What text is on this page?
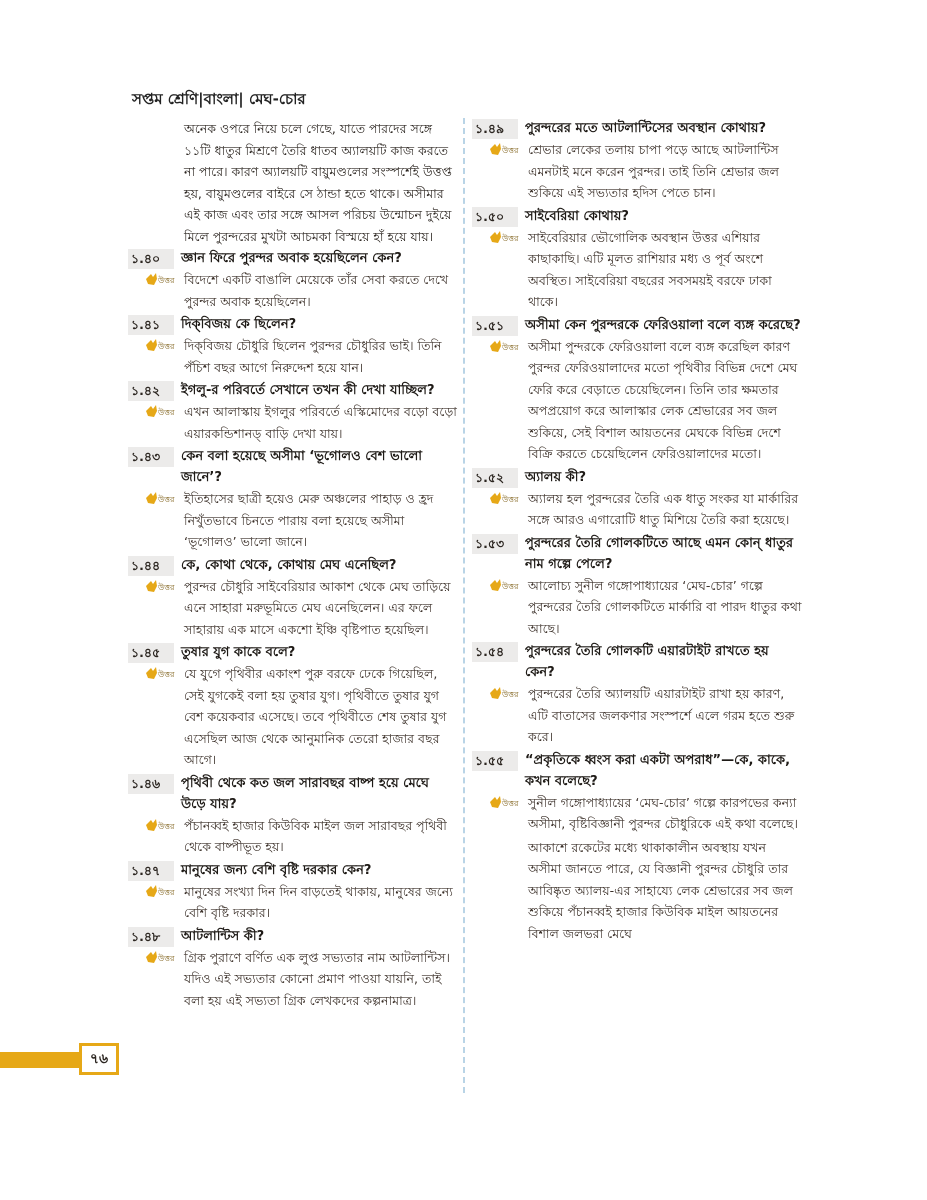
সপ্তম শ্রেণি|বাংলা| মেঘ-চোর
অনেক ওপরে নিয়ে চলে গেছে, যাতে পারদের সঙ্গে ১১টি ধাতুর মিশ্রণে তৈরি ধাতব অ্যালয়টি কাজ করতে না পারে। কারণ অ্যালয়টি বায়ুমণ্ডলের সংস্পর্শেই উত্তপ্ত হয়, বায়ুমণ্ডলের বাইরে সে ঠান্ডা হতে থাকে। অসীমার এই কাজ এবং তার সঙ্গে আসল পরিচয় উন্মোচন দুইয়ে মিলে পুরন্দরের মুখটা আচমকা বিস্ময়ে হাঁ হয়ে যায়।
১.৪০	জ্ঞান ফিরে পুরন্দর অবাক হয়েছিলেন কেন?
উত্তর বিদেশে একটি বাঙালি মেয়েকে তাঁর সেবা করতে দেখে পুরন্দর অবাক হয়েছিলেন।
১.৪১	দিক্‌বিজয় কে ছিলেন?
উত্তর দিক্‌বিজয় চৌধুরি ছিলেন পুরন্দর চৌধুরির ভাই। তিনি পঁচিশ বছর আগে নিরুদ্দেশ হয়ে যান।
১.৪২	ইগলু-র পরিবর্তে সেখানে তখন কী দেখা যাচ্ছিল?
উত্তর এখন আলাস্কায় ইগলুর পরিবর্তে এস্কিমোদের বড়ো বড়ো এয়ারকন্ডিশানড্ বাড়ি দেখা যায়।
১.৪৩	কেন বলা হয়েছে অসীমা ‘ভূগোলও বেশ ভালো জানে’?
উত্তর ইতিহাসের ছাত্রী হয়েও মেরু অঞ্চলের পাহাড় ও হ্রদ নিখুঁতভাবে চিনতে পারায় বলা হয়েছে অসীমা ‘ভূগোলও’ ভালো জানে।
১.৪৪	কে, কোথা থেকে, কোথায় মেঘ এনেছিল?
উত্তর পুরন্দর চৌধুরি সাইবেরিয়ার আকাশ থেকে মেঘ তাড়িয়ে এনে সাহারা মরুভূমিতে মেঘ এনেছিলেন। এর ফলে সাহারায় এক মাসে একশো ইঞ্চি বৃষ্টিপাত হয়েছিল।
১.৪৫	তুষার যুগ কাকে বলে?
উত্তর যে যুগে পৃথিবীর একাংশ পুরু বরফে ঢেকে গিয়েছিল, সেই যুগকেই বলা হয় তুষার যুগ। পৃথিবীতে তুষার যুগ বেশ কয়েকবার এসেছে। তবে পৃথিবীতে শেষ তুষার যুগ এসেছিল আজ থেকে আনুমানিক তেরো হাজার বছর আগে।
১.৪৬	পৃথিবী থেকে কত জল সারাবছর বাষ্প হয়ে মেঘে উড়ে যায়?
উত্তর পঁচানব্বই হাজার কিউবিক মাইল জল সারাবছর পৃথিবী থেকে বাষ্পীভূত হয়।
১.৪৭	মানুষের জন্য বেশি বৃষ্টি দরকার কেন?
উত্তর মানুষের সংখ্যা দিন দিন বাড়তেই থাকায়, মানুষের জন্যে বেশি বৃষ্টি দরকার।
১.৪৮	আটলান্টিস কী?
উত্তর গ্রিক পুরাণে বর্ণিত এক লুপ্ত সভ্যতার নাম আটলান্টিস। যদিও এই সভ্যতার কোনো প্রমাণ পাওয়া যায়নি, তাই বলা হয় এই সভ্যতা গ্রিক লেখকদের কল্পনামাত্র।
১.৪৯	পুরন্দরের মতে আটলান্টিসের অবস্থান কোথায়?
উত্তর শ্রেভার লেকের তলায় চাপা পড়ে আছে আটলান্টিস এমনটাই মনে করেন পুরন্দর। তাই তিনি শ্রেভার জল শুকিয়ে এই সভ্যতার হদিস পেতে চান।
১.৫০	সাইবেরিয়া কোথায়?
উত্তর সাইবেরিয়ার ভৌগোলিক অবস্থান উত্তর এশিয়ার কাছাকাছি। এটি মূলত রাশিয়ার মধ্য ও পূর্ব অংশে অবস্থিত। সাইবেরিয়া বছরের সবসময়ই বরফে ঢাকা থাকে।
১.৫১	অসীমা কেন পুরন্দরকে ফেরিওয়ালা বলে ব্যঙ্গ করেছে?
উত্তর অসীমা পুন্দরকে ফেরিওয়ালা বলে ব্যঙ্গ করেছিল কারণ পুরন্দর ফেরিওয়ালাদের মতো পৃথিবীর বিভিন্ন দেশে মেঘ ফেরি করে বেড়াতে চেয়েছিলেন। তিনি তার ক্ষমতার অপপ্রয়োগ করে আলাস্কার লেক শ্রেভারের সব জল শুকিয়ে, সেই বিশাল আয়তনের মেঘকে বিভিন্ন দেশে বিক্রি করতে চেয়েছিলেন ফেরিওয়ালাদের মতো।
১.৫২	অ্যালয় কী?
উত্তর অ্যালয় হল পুরন্দরের তৈরি এক ধাতু সংকর যা মার্কারির সঙ্গে আরও এগারোটি ধাতু মিশিয়ে তৈরি করা হয়েছে।
১.৫৩	পুরন্দরের তৈরি গোলকটিতে আছে এমন কোন্ ধাতুর নাম গল্পে পেলে?
উত্তর আলোচ্য সুনীল গঙ্গোপাধ্যায়ের ‘মেঘ-চোর’ গল্পে পুরন্দরের তৈরি গোলকটিতে মার্কারি বা পারদ ধাতুর কথা আছে।
১.৫৪	পুরন্দরের তৈরি গোলকটি এয়ারটাইট রাখতে হয় কেন?
উত্তর পুরন্দরের তৈরি অ্যালয়টি এয়ারটাইট রাখা হয় কারণ, এটি বাতাসের জলকণার সংস্পর্শে এলে গরম হতে শুরু করে।
১.৫৫	“প্রকৃতিকে ধ্বংস করা একটা অপরাধ”—কে, কাকে, কখন বলেছে?
উত্তর সুনীল গঙ্গোপাধ্যায়ের ‘মেঘ-চোর’ গল্পে কারপভের কন্যা অসীমা, বৃষ্টিবিজ্ঞানী পুরন্দর চৌধুরিকে এই কথা বলেছে।
আকাশে রকেটের মধ্যে থাকাকালীন অবস্থায় যখন অসীমা জানতে পারে, যে বিজ্ঞানী পুরন্দর চৌধুরি তার আবিষ্কৃত অ্যালয়-এর সাহায্যে লেক শ্রেভারের সব জল শুকিয়ে পঁচানব্বই হাজার কিউবিক মাইল আয়তনের বিশাল জলভরা মেঘে
৭৬
